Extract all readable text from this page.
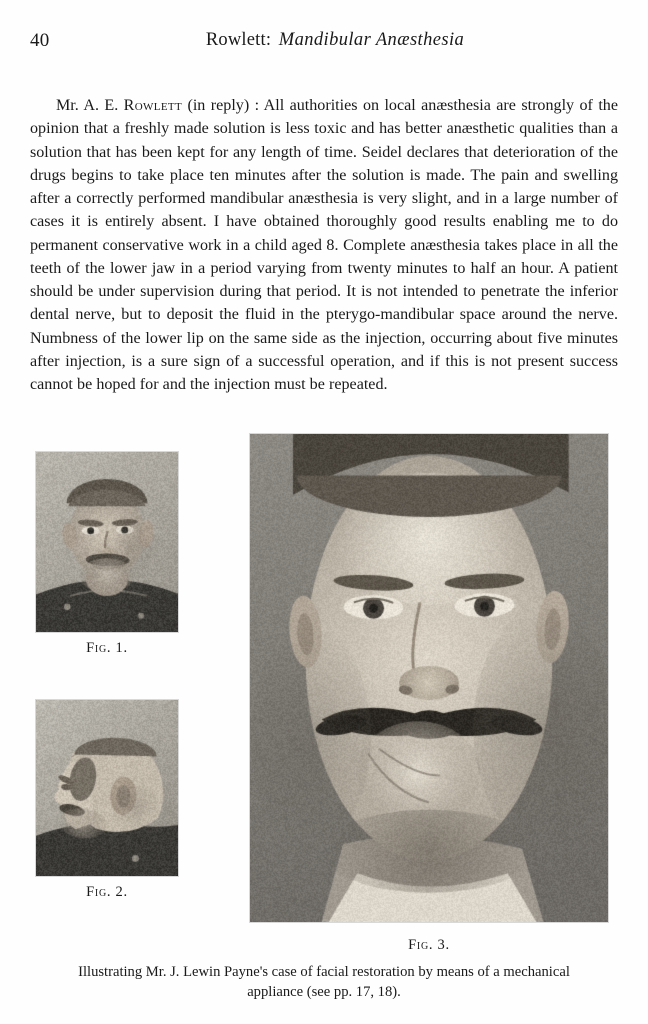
40	Rowlett: Mandibular Anæsthesia

Mr. A. E. Rowlett (in reply) : All authorities on local anæsthesia are strongly of the opinion that a freshly made solution is less toxic and has better anæsthetic qualities than a solution that has been kept for any length of time. Seidel declares that deterioration of the drugs begins to take place ten minutes after the solution is made. The pain and swelling after a correctly performed mandibular anæsthesia is very slight, and in a large number of cases it is entirely absent. I have obtained thoroughly good results enabling me to do permanent conservative work in a child aged 8. Complete anæsthesia takes place in all the teeth of the lower jaw in a period varying from twenty minutes to half an hour. A patient should be under supervision during that period. It is not intended to penetrate the inferior dental nerve, but to deposit the fluid in the pterygo-mandibular space around the nerve. Numbness of the lower lip on the same side as the injection, occurring about five minutes after injection, is a sure sign of a successful operation, and if this is not present success cannot be hoped for and the injection must be repeated.

Fig. 1.
Fig. 2.
Fig. 3.
Illustrating Mr. J. Lewin Payne's case of facial restoration by means of a mechanical
appliance (see pp. 17, 18).
